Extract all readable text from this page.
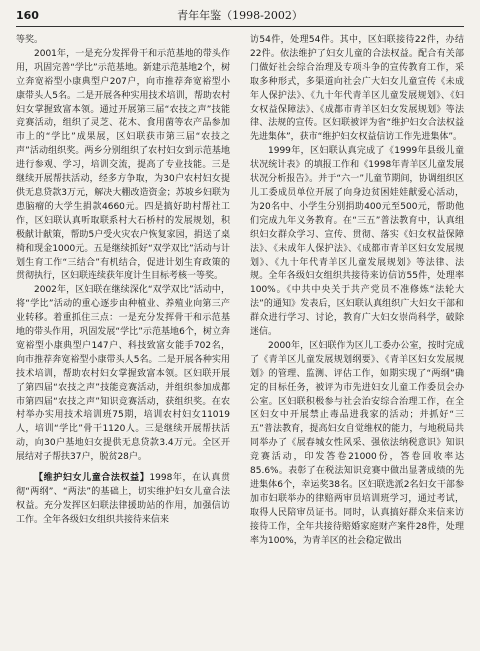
160	青年年鉴（1998-2002）

等奖。

2001年，一是充分发挥骨干和示范基地的带头作用，巩固完善“学比”示范基地。新建示范基地2个，树立奔宽裕型小康典型户207户，向市推荐奔宽裕型小康带头人5名。二是开展各种实用技术培训，帮助农村妇女掌握致富本领。通过开展第三届“农技之声”技能竞赛活动，组织了灵芝、花木、食用菌等农产品参加市上的“学比”成果展，区妇联获市第三届“农技之声”活动组织奖。两乡分别组织了农村妇女到示范基地进行参观、学习，培训交流，提高了专业技能。三是继续开展帮扶活动，经多方争取，为30户农村妇女提供无息贷款3万元，解决大棚改造资金；苏坡乡妇联为患脑瘤的大学生捐款4660元。四是搞好助村帮社工作，区妇联认真听取联系村大石桥村的发展规划，积极献计献策，帮助5户受火灾农户恢复家园，捐送了桌椅和现金1000元。五是继续抓好“双学双比”活动与计划生育工作“三结合”有机结合，促进计划生育政策的贯彻执行，区妇联连续获年度计生目标考核一等奖。

2002年，区妇联在继续深化“双学双比”活动中，将“学比”活动的重心逐步由种植业、养殖业向第三产业转移。着重抓住三点：一是充分发挥骨干和示范基地的带头作用，巩固发展“学比”示范基地6个，树立奔宽裕型小康典型户147户、科技致富女能手702名，向市推荐奔宽裕型小康带头人5名。二是开展各种实用技术培训，帮助农村妇女掌握致富本领。区妇联开展了第四届“农技之声”技能竞赛活动，并组织参加成都市第四届“农技之声”知识竞赛活动，获组织奖。在农村举办实用技术培训班75期，培训农村妇女11019人，培训“学比”骨干1120人。三是继续开展帮扶活动，向30户基地妇女提供无息贷款3.4万元。全区开展结对子帮扶37户，脱贫28户。

【维护妇女儿童合法权益】1998年，在认真贯彻“两纲”、“两法”的基础上，切实维护妇女儿童合法权益。充分发挥区妇联法律援助站的作用，加强信访工作。全年各级妇女组织共接待来信来

访54件，处理54件。其中，区妇联接待22件，办结22件。依法维护了妇女儿童的合法权益。配合有关部门做好社会综合治理及专项斗争的宣传教育工作，采取多种形式，多渠道向社会广大妇女儿童宣传《未成年人保护法》、《九十年代青羊区儿童发展规划》、《妇女权益保障法》、《成都市青羊区妇女发展规划》等法律、法规的宣传。区妇联被评为省“维护妇女合法权益先进集体”，获市“维护妇女权益信访工作先进集体”。

1999年，区妇联认真完成了《1999年县级儿童状况统计表》的填报工作和《1998年青羊区儿童发展状况分析报告》。并于“六一”儿童节期间，协调组织区儿工委成员单位开展了向身边贫困娃娃献爱心活动，为20名中、小学生分别捐助400元至500元，帮助他们完成九年义务教育。在“三五”普法教育中，认真组织妇女群众学习、宣传、贯彻、落实《妇女权益保障法》、《未成年人保护法》、《成都市青羊区妇女发展规划》、《九十年代青羊区儿童发展规划》等法律、法规。全年各级妇女组织共接待来访信访55件，处理率100%。《中共中央关于共产党员不准修炼“法轮大法”的通知》发表后，区妇联认真组织广大妇女干部和群众进行学习、讨论，教育广大妇女崇尚科学，破除迷信。

2000年，区妇联作为区儿工委办公室，按时完成了《青羊区儿童发展规划纲要》、《青羊区妇女发展规划》的管理、监测、评估工作，如期实现了“两纲”确定的目标任务，被评为市先进妇女儿童工作委员会办公室。区妇联积极参与社会治安综合治理工作，在全区妇女中开展禁止毒品进我家的活动；并抓好“三五”普法教育，提高妇女自觉维权的能力，与地税局共同举办了《展春城女性风采、强依法纳税意识》知识竞赛活动，印发答卷21000份，答卷回收率达85.6%。表彰了在税法知识竞赛中做出显著成绩的先进集体6个，幸运奖38名。区妇联选派2名妇女干部参加市妇联举办的律赔两审员培训班学习，通过考试，取得人民陪审员证书。同时，认真搞好群众来信来访接待工作，全年共接待赔婚家庭财产案件28件，处理率为100%，为青羊区的社会稳定做出
